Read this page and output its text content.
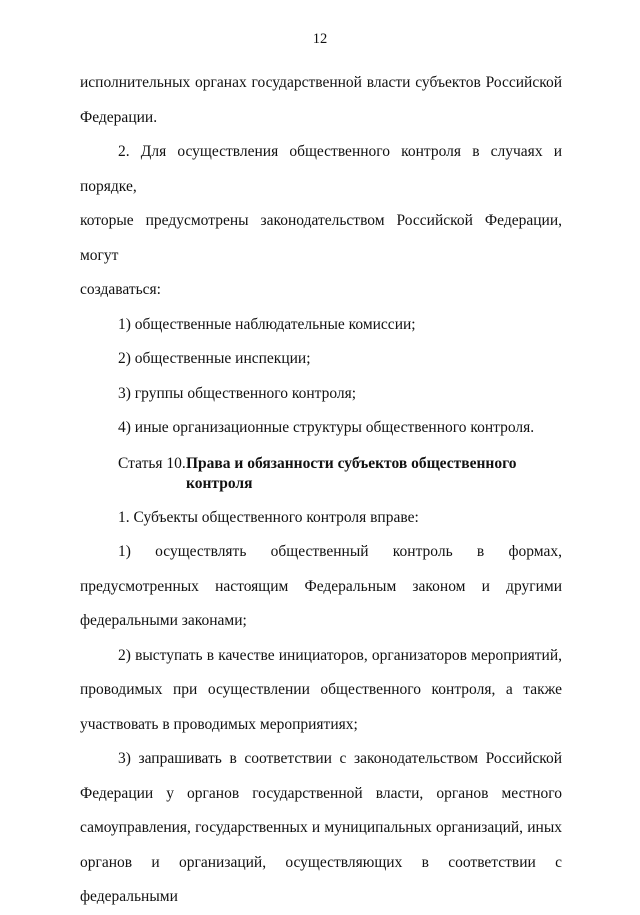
12

исполнительных органах государственной власти субъектов Российской

Федерации.

2. Для осуществления общественного контроля в случаях и порядке,

которые предусмотрены законодательством Российской Федерации, могут

создаваться:

1) общественные наблюдательные комиссии;

2) общественные инспекции;

3) группы общественного контроля;

4) иные организационные структуры общественного контроля.

Статья 10.Права и обязанности субъектов общественного контроля

1. Субъекты общественного контроля вправе:

1) осуществлять общественный контроль в формах,

предусмотренных настоящим Федеральным законом и другими

федеральными законами;

2) выступать в качестве инициаторов, организаторов мероприятий,

проводимых при осуществлении общественного контроля, а также

участвовать в проводимых мероприятиях;

3) запрашивать в соответствии с законодательством Российской

Федерации у органов государственной власти, органов местного

самоуправления, государственных и муниципальных организаций, иных

органов и организаций, осуществляющих в соответствии с федеральными
